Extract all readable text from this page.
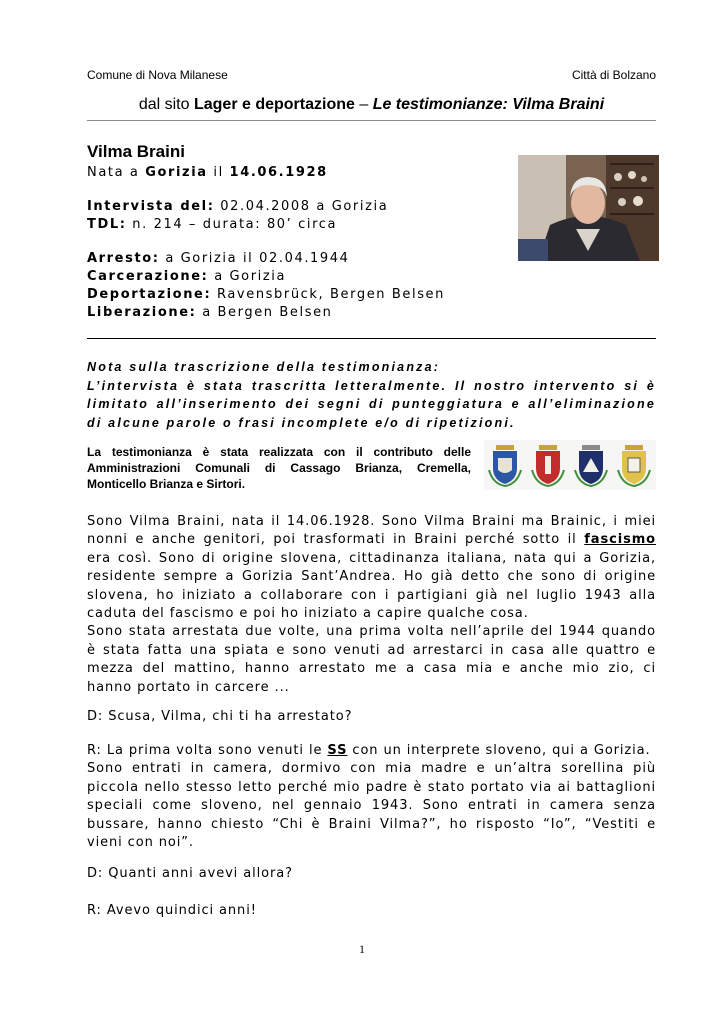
Comune di Nova Milanese	Città di Bolzano
dal sito Lager e deportazione – Le testimonianze: Vilma Braini
Vilma Braini
Nata a Gorizia il 14.06.1928
Intervista del: 02.04.2008 a Gorizia
TDL: n. 214 – durata: 80’ circa
Arresto: a Gorizia il 02.04.1944
Carcerazione: a Gorizia
Deportazione: Ravensbrück, Bergen Belsen
Liberazione: a Bergen Belsen
Nota sulla trascrizione della testimonianza:
L’intervista è stata trascritta letteralmente. Il nostro intervento si è limitato all’inserimento dei segni di punteggiatura e all’eliminazione di alcune parole o frasi incomplete e/o di ripetizioni.
La testimonianza è stata realizzata con il contributo delle Amministrazioni Comunali di Cassago Brianza, Cremella, Monticello Brianza e Sirtori.

Sono Vilma Braini, nata il 14.06.1928. Sono Vilma Braini ma Brainic, i miei nonni e anche genitori, poi trasformati in Braini perché sotto il fascismo era così. Sono di origine slovena, cittadinanza italiana, nata qui a Gorizia, residente sempre a Gorizia Sant’Andrea. Ho già detto che sono di origine slovena, ho iniziato a collaborare con i partigiani già nel luglio 1943 alla caduta del fascismo e poi ho iniziato a capire qualche cosa.

Sono stata arrestata due volte, una prima volta nell’aprile del 1944 quando è stata fatta una spiata e sono venuti ad arrestarci in casa alle quattro e mezza del mattino, hanno arrestato me a casa mia e anche mio zio, ci hanno portato in carcere ...

D: Scusa, Vilma, chi ti ha arrestato?

R: La prima volta sono venuti le SS con un interprete sloveno, qui a Gorizia.

Sono entrati in camera, dormivo con mia madre e un’altra sorellina più piccola nello stesso letto perché mio padre è stato portato via ai battaglioni speciali come sloveno, nel gennaio 1943. Sono entrati in camera senza bussare, hanno chiesto “Chi è Braini Vilma?”, ho risposto “Io”, “Vestiti e vieni con noi”.

D: Quanti anni avevi allora?
R: Avevo quindici anni!
1
